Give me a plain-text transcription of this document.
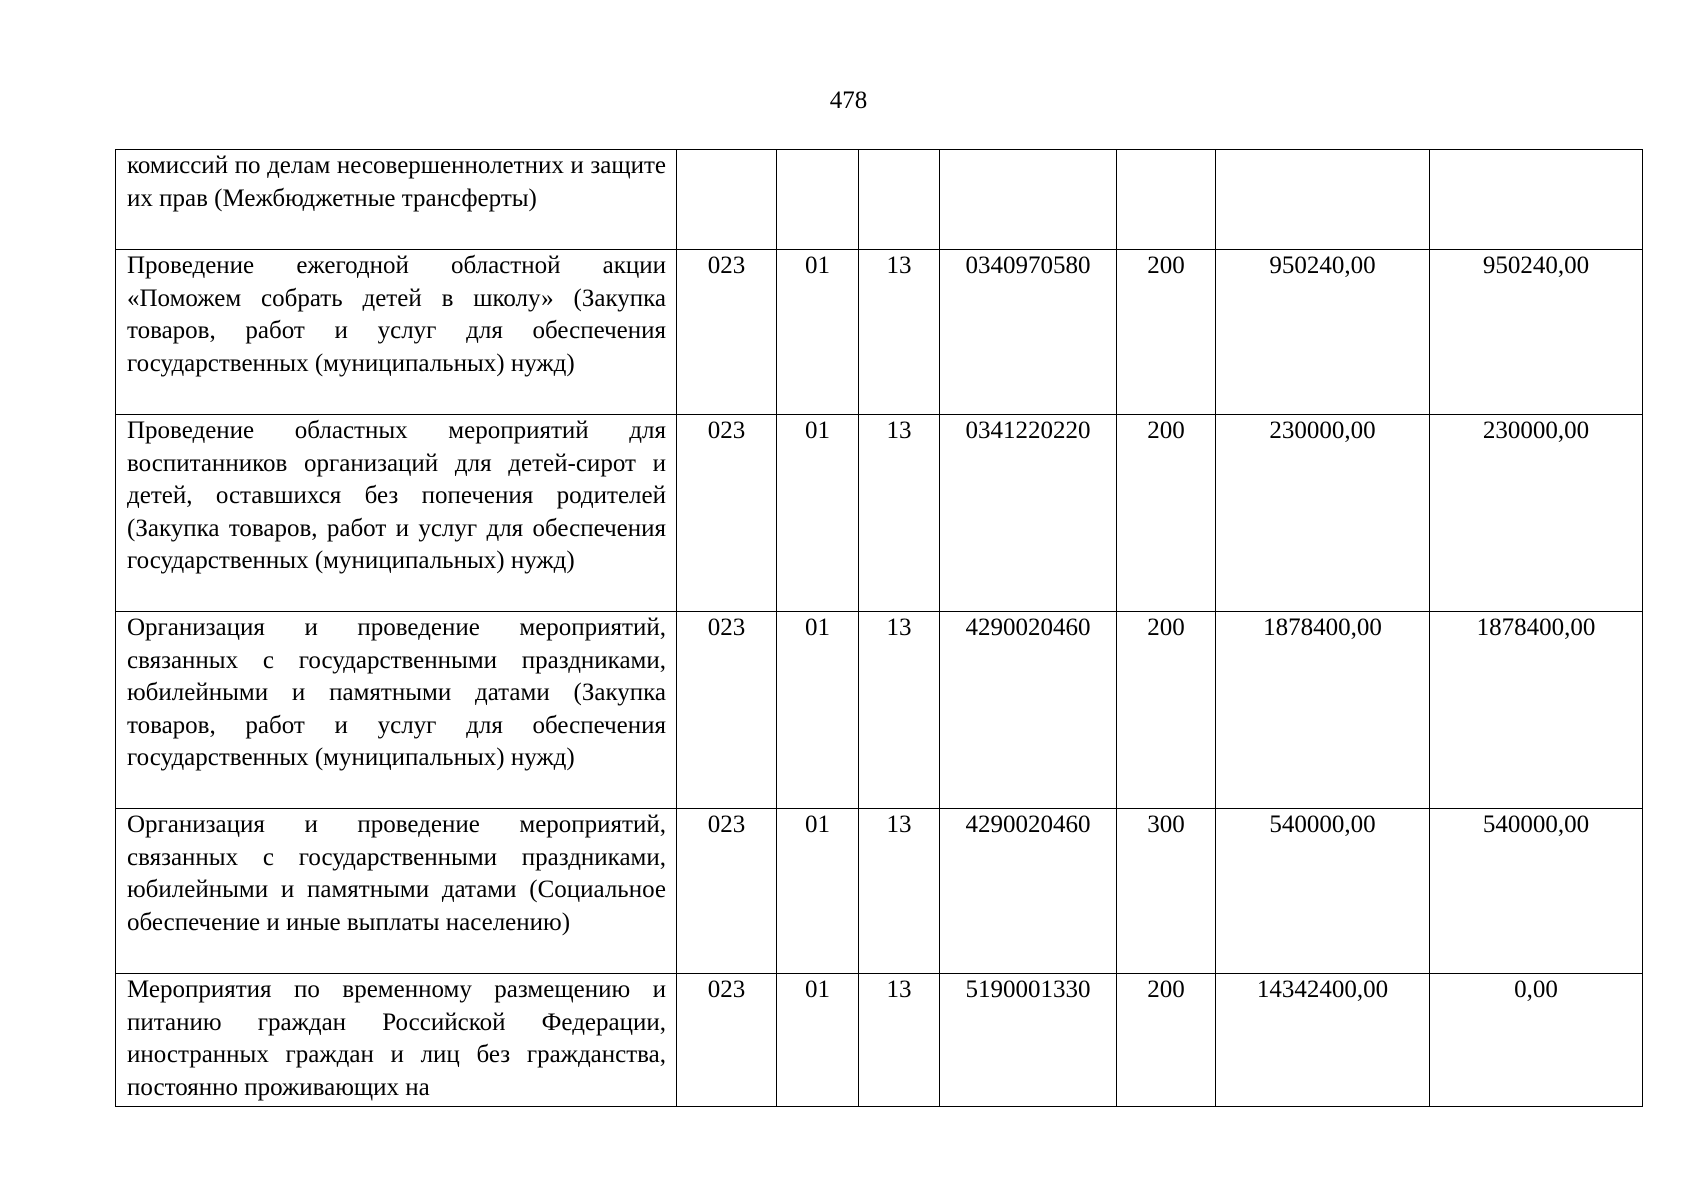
478
комиссий по делам несовершеннолетних и защите их прав (Межбюджетные трансферты)							
Проведение ежегодной областной акции «Поможем собрать детей в школу» (Закупка товаров, работ и услуг для обеспечения государственных (муниципальных) нужд)	023	01	13	0340970580	200	950240,00	950240,00
Проведение областных мероприятий для воспитанников организаций для детей-сирот и детей, оставшихся без попечения родителей (Закупка товаров, работ и услуг для обеспечения государственных (муниципальных) нужд)	023	01	13	0341220220	200	230000,00	230000,00
Организация и проведение мероприятий, связанных с государственными праздниками, юбилейными и памятными датами (Закупка товаров, работ и услуг для обеспечения государственных (муниципальных) нужд)	023	01	13	4290020460	200	1878400,00	1878400,00
Организация и проведение мероприятий, связанных с государственными праздниками, юбилейными и памятными датами (Социальное обеспечение и иные выплаты населению)	023	01	13	4290020460	300	540000,00	540000,00
Мероприятия по временному размещению и питанию граждан Российской Федерации, иностранных граждан и лиц без гражданства, постоянно проживающих на	023	01	13	5190001330	200	14342400,00	0,00
